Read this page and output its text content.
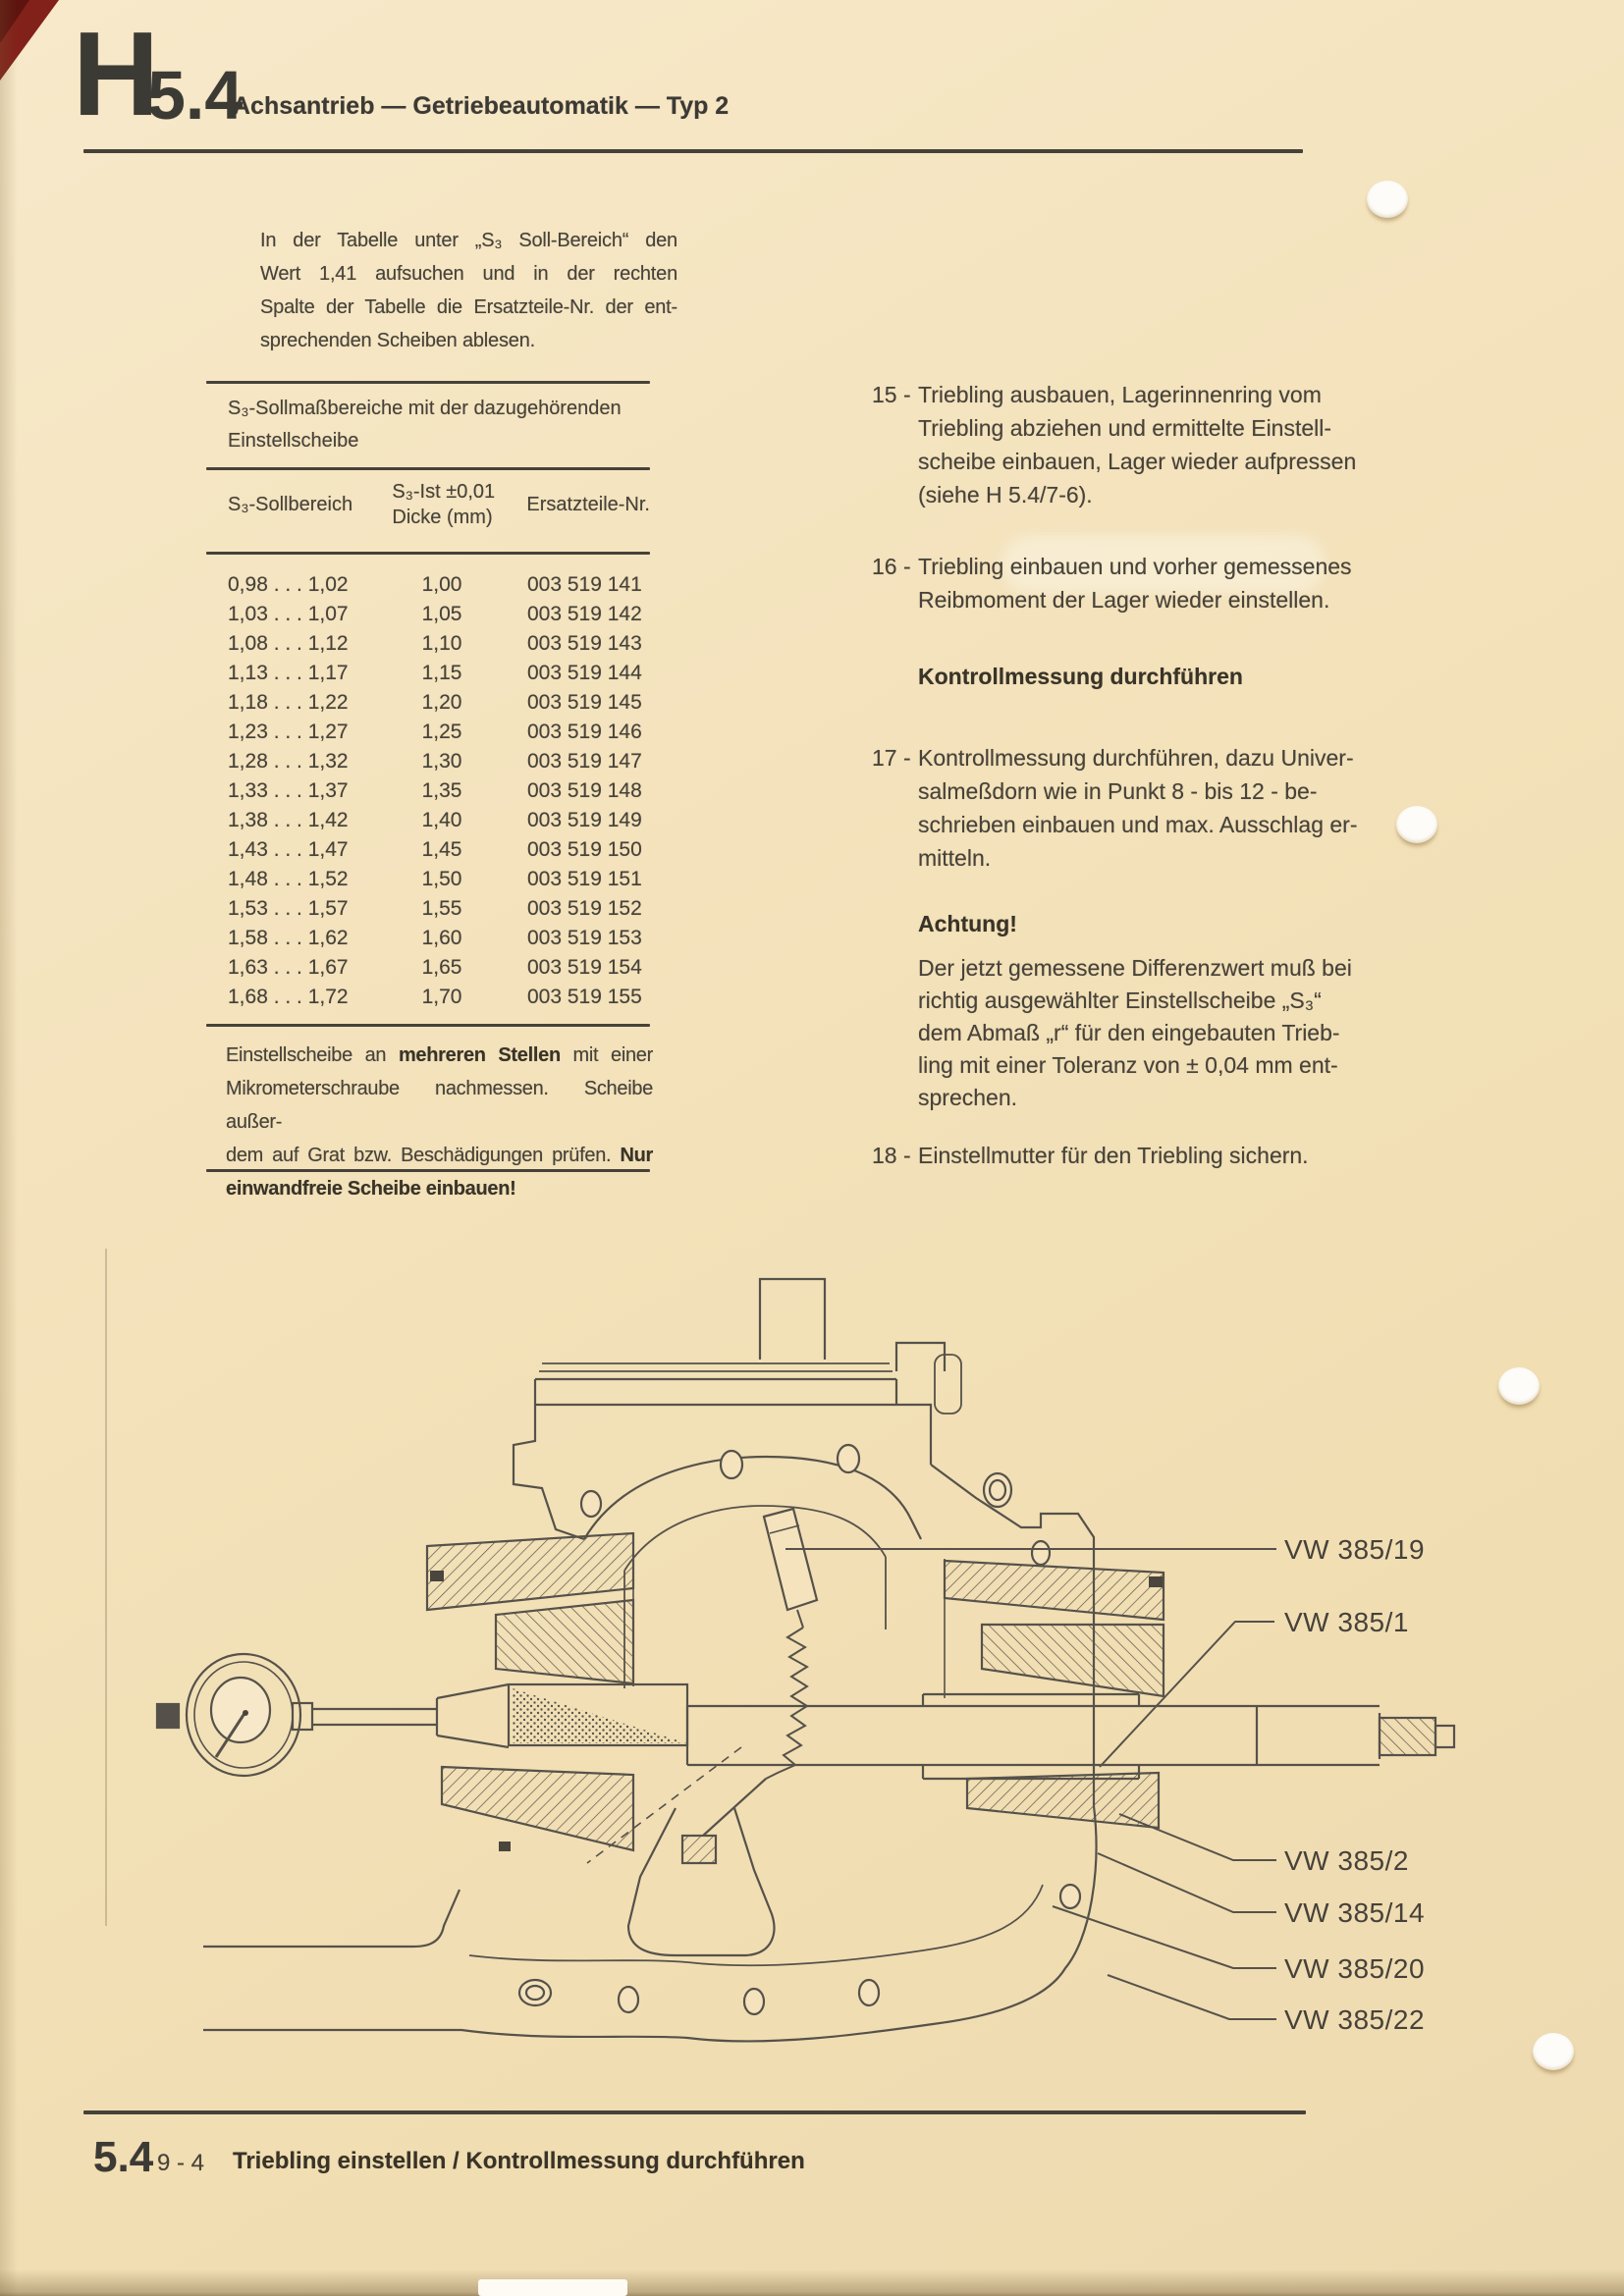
H
5.4
Achsantrieb — Getriebeautomatik — Typ 2
In der Tabelle unter „S₃ Soll-Bereich“ den
Wert 1,41 aufsuchen und in der rechten
Spalte der Tabelle die Ersatzteile-Nr. der ent-
sprechenden Scheiben ablesen.
S₃-Sollmaßbereiche mit der dazugehörenden
Einstellscheibe
S₃-Sollbereich
S₃-Ist ±0,01
Dicke (mm)
Ersatzteile-Nr.
0,98 . . . 1,02	1,00	003 519 141
1,03 . . . 1,07	1,05	003 519 142
1,08 . . . 1,12	1,10	003 519 143
1,13 . . . 1,17	1,15	003 519 144
1,18 . . . 1,22	1,20	003 519 145
1,23 . . . 1,27	1,25	003 519 146
1,28 . . . 1,32	1,30	003 519 147
1,33 . . . 1,37	1,35	003 519 148
1,38 . . . 1,42	1,40	003 519 149
1,43 . . . 1,47	1,45	003 519 150
1,48 . . . 1,52	1,50	003 519 151
1,53 . . . 1,57	1,55	003 519 152
1,58 . . . 1,62	1,60	003 519 153
1,63 . . . 1,67	1,65	003 519 154
1,68 . . . 1,72	1,70	003 519 155
Einstellscheibe an mehreren Stellen mit einer
Mikrometerschraube nachmessen. Scheibe außer-
dem auf Grat bzw. Beschädigungen prüfen. Nur
einwandfreie Scheibe einbauen!
15 - Triebling ausbauen, Lagerinnenring vom
Triebling abziehen und ermittelte Einstell-
scheibe einbauen, Lager wieder aufpressen
(siehe H 5.4/7-6).
16 - Triebling einbauen und vorher gemessenes
Reibmoment der Lager wieder einstellen.
Kontrollmessung durchführen
17 - Kontrollmessung durchführen, dazu Univer-
salmeßdorn wie in Punkt 8 - bis 12 - be-
schrieben einbauen und max. Ausschlag er-
mitteln.
Achtung!
Der jetzt gemessene Differenzwert muß bei
richtig ausgewählter Einstellscheibe „S₃“
dem Abmaß „r“ für den eingebauten Trieb-
ling mit einer Toleranz von ± 0,04 mm ent-
sprechen.
18 - Einstellmutter für den Triebling sichern.
VW 385/19
VW 385/1
VW 385/2
VW 385/14
VW 385/20
VW 385/22
5.4 9 - 4 Triebling einstellen / Kontrollmessung durchführen
